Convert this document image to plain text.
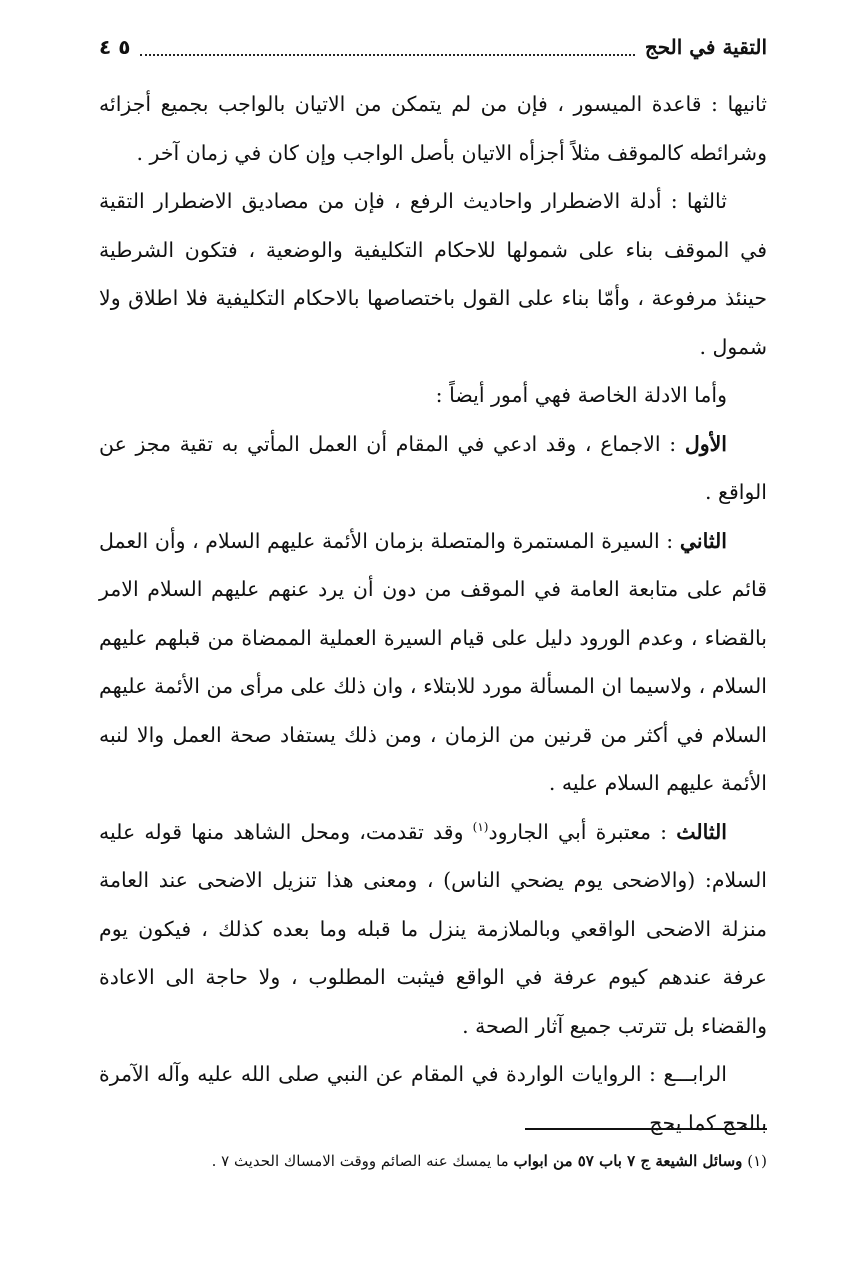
التقية في الحج
٥ ٤

ثانيها : قاعدة الميسور ، فإن من لم يتمكن من الاتيان بالواجب بجميع أجزائه وشرائطه كالموقف مثلاً أجزأه الاتيان بأصل الواجب وإن كان في زمان آخر .

ثالثها : أدلة الاضطرار واحاديث الرفع ، فإن من مصاديق الاضطرار التقية في الموقف بناء على شمولها للاحكام التكليفية والوضعية ، فتكون الشرطية حينئذ مرفوعة ، وأمّا بناء على القول باختصاصها بالاحكام التكليفية فلا اطلاق ولا شمول .

وأما الادلة الخاصة فهي أمور أيضاً :

الأول : الاجماع ، وقد ادعي في المقام أن العمل المأتي به تقية مجز عن الواقع .

الثاني : السيرة المستمرة والمتصلة بزمان الأئمة عليهم السلام ، وأن العمل قائم على متابعة العامة في الموقف من دون أن يرد عنهم عليهم السلام الامر بالقضاء ، وعدم الورود دليل على قيام السيرة العملية الممضاة من قبلهم عليهم السلام ، ولاسيما ان المسألة مورد للابتلاء ، وان ذلك على مرأى من الأئمة عليهم السلام في أكثر من قرنين من الزمان ، ومن ذلك يستفاد صحة العمل والا لنبه الأئمة عليهم السلام عليه .

الثالث : معتبرة أبي الجارود$^{(١)}$ وقد تقدمت، ومحل الشاهد منها قوله عليه السلام: (والاضحى يوم يضحي الناس) ، ومعنى هذا تنزيل الاضحى عند العامة منزلة الاضحى الواقعي وبالملازمة ينزل ما قبله وما بعده كذلك ، فيكون يوم عرفة عندهم كيوم عرفة في الواقع فيثبت المطلوب ، ولا حاجة الى الاعادة والقضاء بل تترتب جميع آثار الصحة .

الرابـــع : الروايات الواردة في المقام عن النبي صلى الله عليه وآله الآمرة بالحج كما يحج

(١) وسائل الشيعة ج ٧ باب ٥٧ من ابواب ما يمسك عنه الصائم ووقت الامساك الحديث ٧ .
